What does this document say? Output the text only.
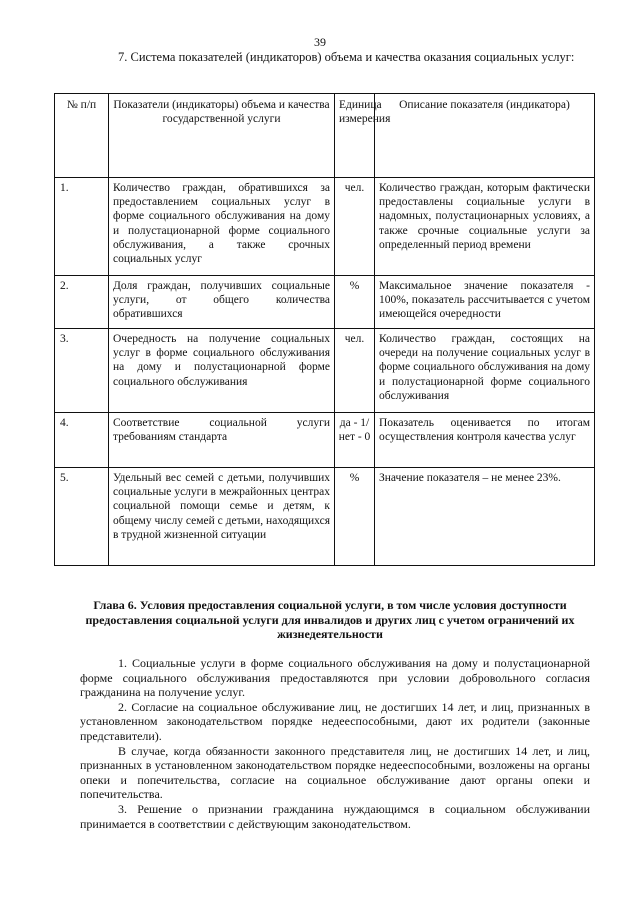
39
7. Система показателей (индикаторов) объема и качества оказания социальных услуг:
№ п/п	Показатели (индикаторы) объема и качества государственной услуги	Единица измерения	Описание показателя (индикатора)
1.	Количество граждан, обратившихся за предоставлением социальных услуг в форме социального обслуживания на дому и полустационарной форме социального обслуживания, а также срочных социальных услуг	чел.	Количество граждан, которым фактически предоставлены социальные услуги в надомных, полустационарных условиях, а также срочные социальные услуги за определенный период времени
2.	Доля граждан, получивших социальные услуги, от общего количества обратившихся	%	Максимальное значение показателя - 100%, показатель рассчитывается с учетом имеющейся очередности
3.	Очередность на получение социальных услуг в форме социального обслуживания на дому и полустационарной форме социального обслуживания	чел.	Количество граждан, состоящих на очереди на получение социальных услуг в форме социального обслуживания на дому и полустационарной форме социального обслуживания
4.	Соответствие социальной услуги требованиям стандарта	да - 1/нет - 0	Показатель оценивается по итогам осуществления контроля качества услуг
5.	Удельный вес семей с детьми, получивших социальные услуги в межрайонных центрах социальной помощи семье и детям, к общему числу семей с детьми, находящихся в трудной жизненной ситуации	%	Значение показателя – не менее 23%.
Глава 6. Условия предоставления социальной услуги, в том числе условия доступности предоставления социальной услуги для инвалидов и других лиц с учетом ограничений их жизнедеятельности

1. Социальные услуги в форме социального обслуживания на дому и полустационарной форме социального обслуживания предоставляются при условии добровольного согласия гражданина на получение услуг.

2. Согласие на социальное обслуживание лиц, не достигших 14 лет, и лиц, признанных в установленном законодательством порядке недееспособными, дают их родители (законные представители).

В случае, когда обязанности законного представителя лиц, не достигших 14 лет, и лиц, признанных в установленном законодательством порядке недееспособными, возложены на органы опеки и попечительства, согласие на социальное обслуживание дают органы опеки и попечительства.

3. Решение о признании гражданина нуждающимся в социальном обслуживании принимается в соответствии с действующим законодательством.
